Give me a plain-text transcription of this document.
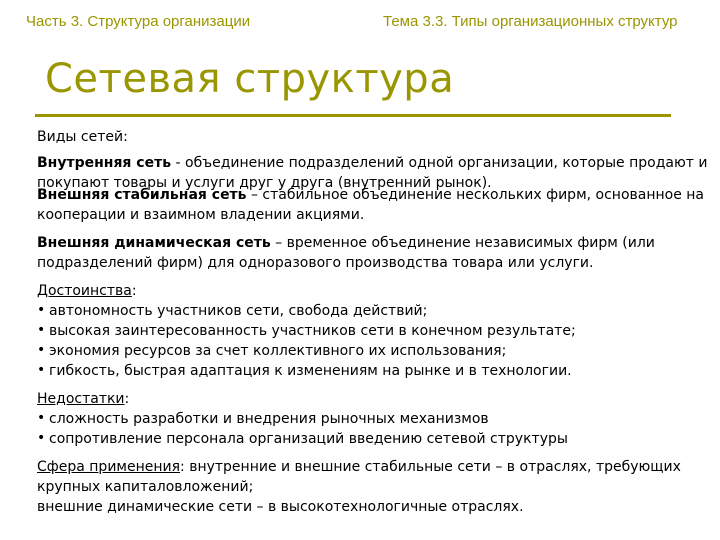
Часть 3. Структура организации	Тема 3.3. Типы организационных структур
Сетевая структура

Виды сетей:

Внутренняя сеть - объединение подразделений одной организации, которые продают и покупают товары и услуги друг у друга (внутренний рынок).

Внешняя стабильная сеть – стабильное объединение нескольких фирм, основанное на кооперации и взаимном владении акциями.

Внешняя динамическая сеть – временное объединение независимых фирм (или подразделений фирм) для одноразового производства товара или услуги.

Достоинства:

• автономность участников сети, свобода действий;
• высокая заинтересованность участников сети в конечном результате;
• экономия ресурсов за счет коллективного их использования;
• гибкость, быстрая адаптация к изменениям на рынке и в технологии.

Недостатки:

• сложность разработки и внедрения рыночных механизмов
• сопротивление персонала организаций введению сетевой структуры

Сфера применения: внутренние и внешние стабильные сети – в отраслях, требующих крупных капиталовложений;

внешние динамические сети – в высокотехнологичные отраслях.
